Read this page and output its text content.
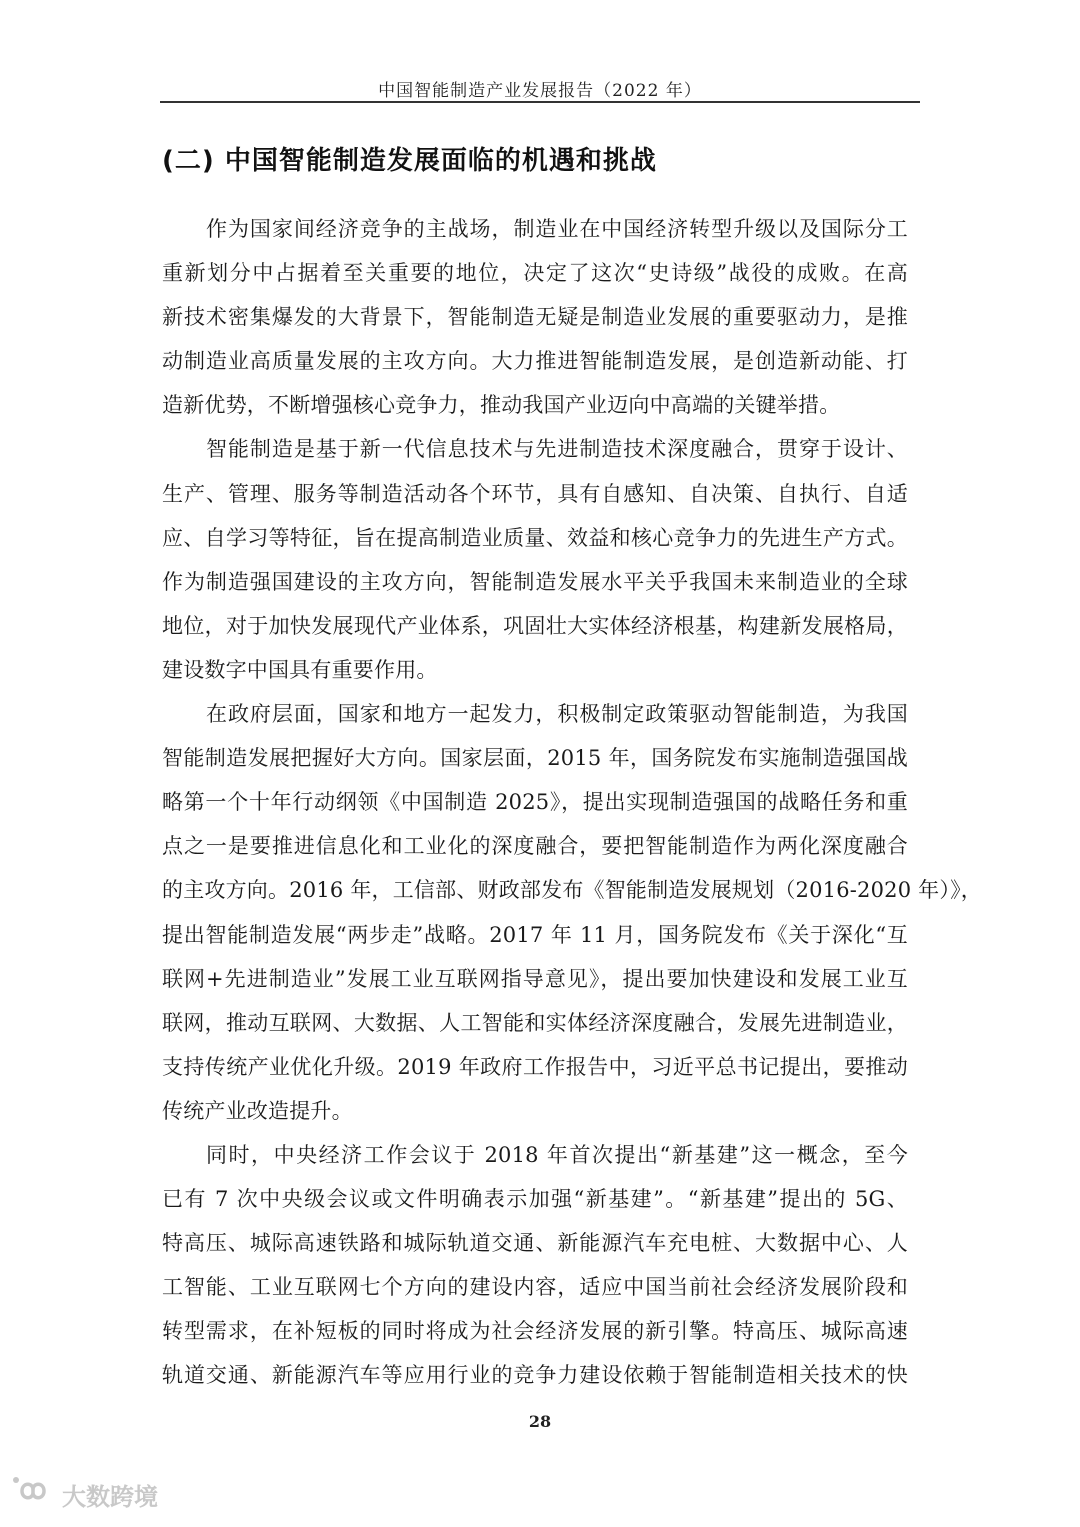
中国智能制造产业发展报告（2022 年）
(二) 中国智能制造发展面临的机遇和挑战
作为国家间经济竞争的主战场，制造业在中国经济转型升级以及国际分工
重新划分中占据着至关重要的地位，决定了这次“史诗级”战役的成败。在高
新技术密集爆发的大背景下，智能制造无疑是制造业发展的重要驱动力，是推
动制造业高质量发展的主攻方向。大力推进智能制造发展，是创造新动能、打
造新优势，不断增强核心竞争力，推动我国产业迈向中高端的关键举措。
智能制造是基于新一代信息技术与先进制造技术深度融合，贯穿于设计、
生产、管理、服务等制造活动各个环节，具有自感知、自决策、自执行、自适
应、自学习等特征，旨在提高制造业质量、效益和核心竞争力的先进生产方式。
作为制造强国建设的主攻方向，智能制造发展水平关乎我国未来制造业的全球
地位，对于加快发展现代产业体系，巩固壮大实体经济根基，构建新发展格局，
建设数字中国具有重要作用。
在政府层面，国家和地方一起发力，积极制定政策驱动智能制造，为我国
智能制造发展把握好大方向。国家层面，2015 年，国务院发布实施制造强国战
略第一个十年行动纲领《中国制造 2025》，提出实现制造强国的战略任务和重
点之一是要推进信息化和工业化的深度融合，要把智能制造作为两化深度融合
的主攻方向。2016 年，工信部、财政部发布《智能制造发展规划（2016-2020 年）》，
提出智能制造发展“两步走”战略。2017 年 11 月，国务院发布《关于深化“互
联网+先进制造业”发展工业互联网指导意见》，提出要加快建设和发展工业互
联网，推动互联网、大数据、人工智能和实体经济深度融合，发展先进制造业，
支持传统产业优化升级。2019 年政府工作报告中，习近平总书记提出，要推动
传统产业改造提升。
同时，中央经济工作会议于 2018 年首次提出“新基建”这一概念，至今
已有 7 次中央级会议或文件明确表示加强“新基建”。“新基建”提出的 5G、
特高压、城际高速铁路和城际轨道交通、新能源汽车充电桩、大数据中心、人
工智能、工业互联网七个方向的建设内容，适应中国当前社会经济发展阶段和
转型需求，在补短板的同时将成为社会经济发展的新引擎。特高压、城际高速
轨道交通、新能源汽车等应用行业的竞争力建设依赖于智能制造相关技术的快
28
大数跨境
